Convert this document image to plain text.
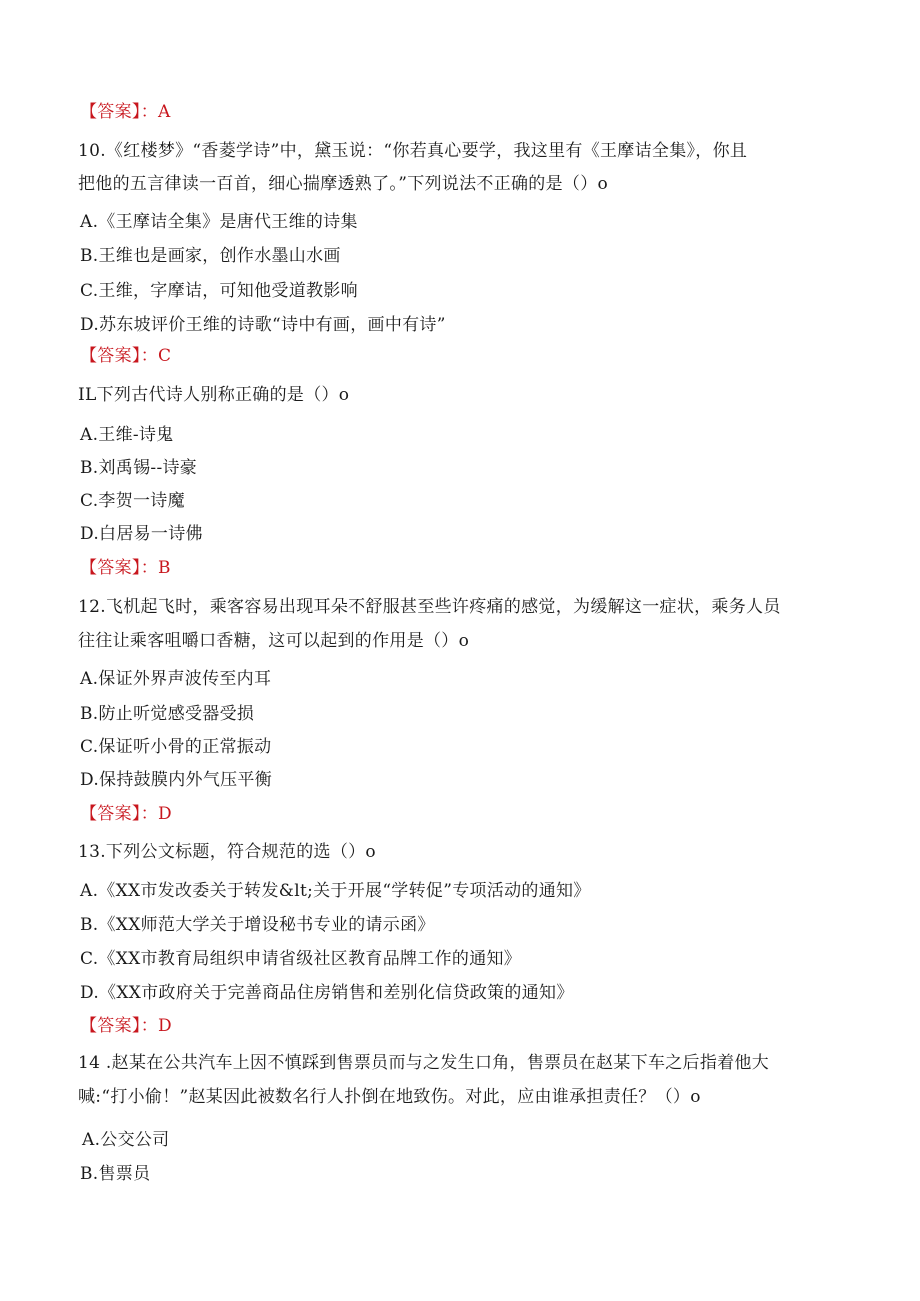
【答案】：A
10.《红楼梦》“香菱学诗”中，黛玉说：“你若真心要学，我这里有《王摩诘全集》，你且
把他的五言律读一百首，细心揣摩透熟了。”下列说法不正确的是（）o
A.《王摩诘全集》是唐代王维的诗集
B.王维也是画家，创作水墨山水画
C.王维，字摩诘，可知他受道教影响
D.苏东坡评价王维的诗歌“诗中有画，画中有诗”
【答案】：C
IL下列古代诗人别称正确的是（）o
A.王维-诗鬼
B.刘禹锡--诗豪
C.李贺一诗魔
D.白居易一诗佛
【答案】：B
12.飞机起飞时，乘客容易出现耳朵不舒服甚至些许疼痛的感觉，为缓解这一症状，乘务人员
往往让乘客咀嚼口香糖，这可以起到的作用是（）o
A.保证外界声波传至内耳
B.防止听觉感受器受损
C.保证听小骨的正常振动
D.保持鼓膜内外气压平衡
【答案】：D
13.下列公文标题，符合规范的选（）o
A.《XX市发改委关于转发&lt;关于开展“学转促”专项活动的通知》
B.《XX师范大学关于增设秘书专业的请示函》
C.《XX市教育局组织申请省级社区教育品牌工作的通知》
D.《XX市政府关于完善商品住房销售和差别化信贷政策的通知》
【答案】：D
14 .赵某在公共汽车上因不慎踩到售票员而与之发生口角，售票员在赵某下车之后指着他大
喊:“打小偷！”赵某因此被数名行人扑倒在地致伤。对此，应由谁承担责任？（）o
A.公交公司
B.售票员
